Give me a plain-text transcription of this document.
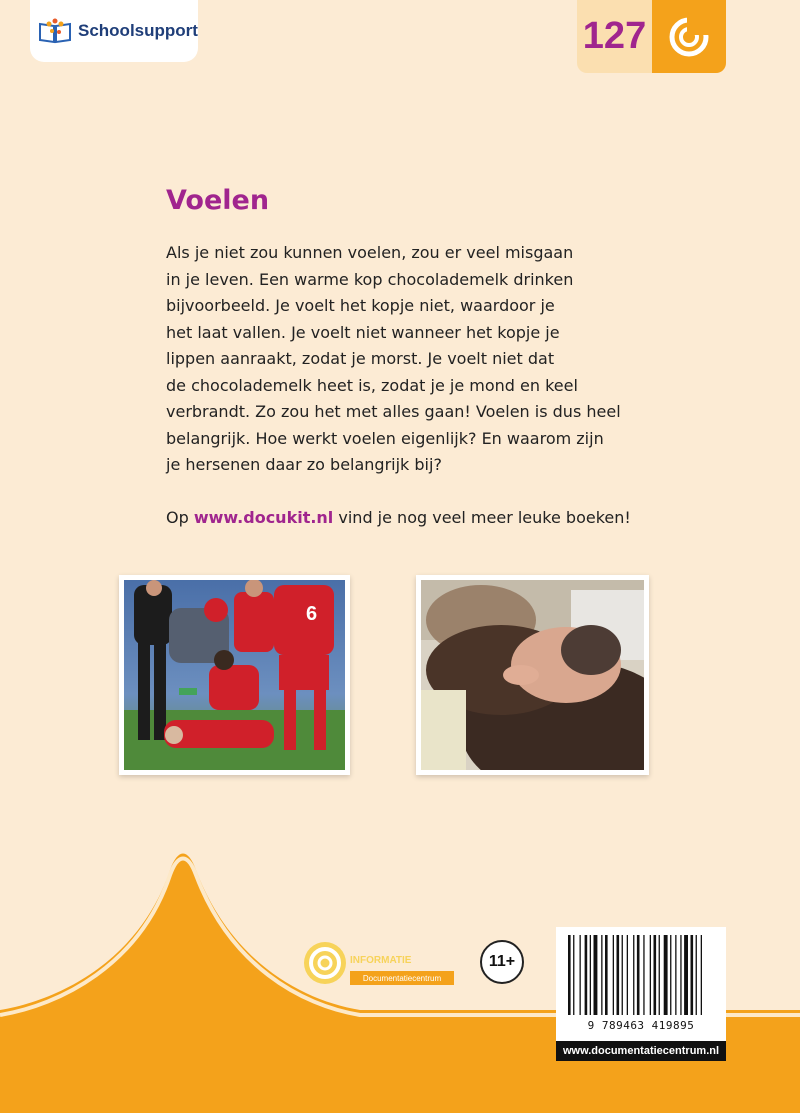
Schoolsupport	127
Voelen

Als je niet zou kunnen voelen, zou er veel misgaan
in je leven. Een warme kop chocolademelk drinken
bijvoorbeeld. Je voelt het kopje niet, waardoor je
het laat vallen. Je voelt niet wanneer het kopje je
lippen aanraakt, zodat je morst. Je voelt niet dat
de chocolademelk heet is, zodat je je mond en keel
verbrandt. Zo zou het met alles gaan! Voelen is dus heel
belangrijk. Hoe werkt voelen eigenlijk? En waarom zijn
je hersenen daar zo belangrijk bij?

Op www.docukit.nl vind je nog veel meer leuke boeken!

6
INFORMATIE
Documentatiecentrum
11+
9 789463 419895
www.documentatiecentrum.nl
